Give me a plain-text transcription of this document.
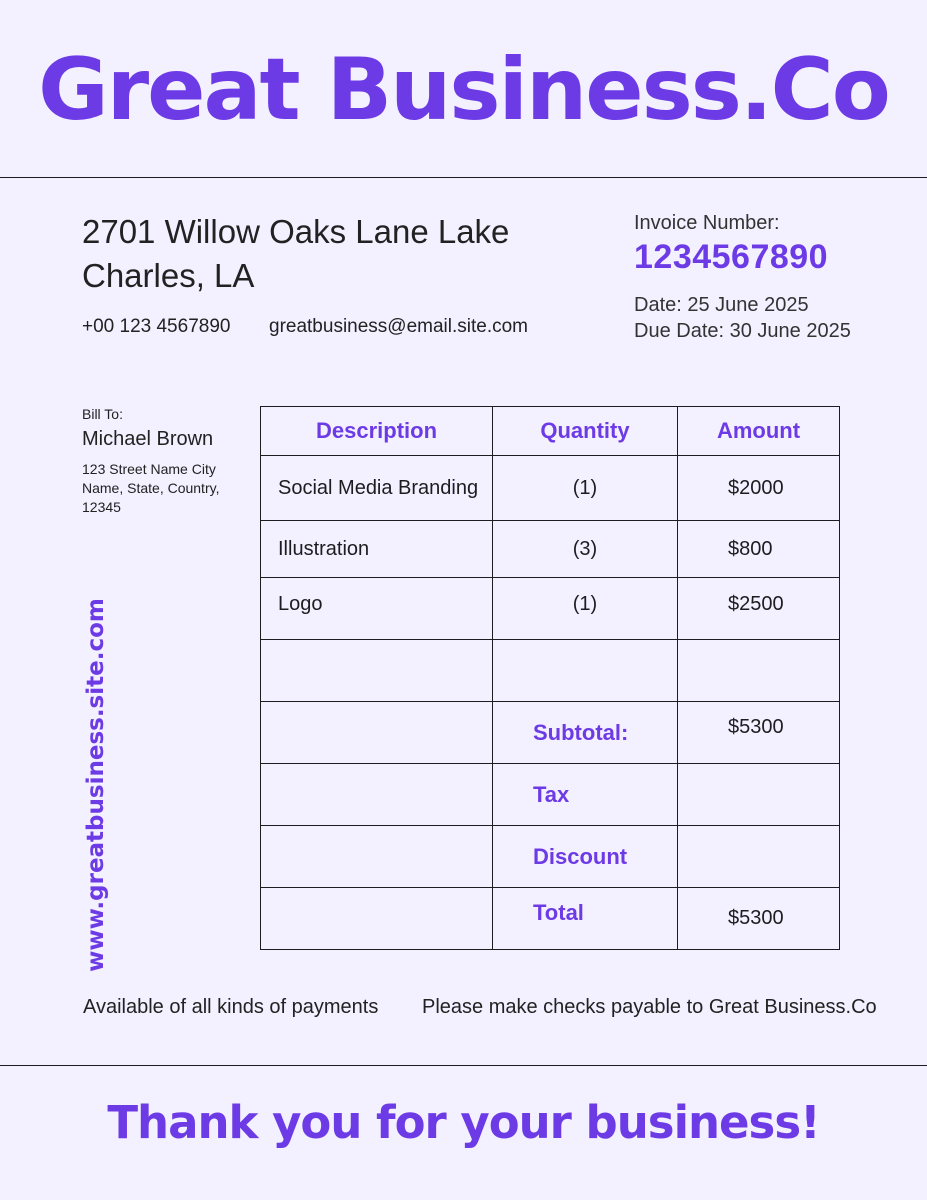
Great Business.Co
2701 Willow Oaks Lane Lake Charles, LA
+00 123 4567890 greatbusiness@email.site.com
Invoice Number:
1234567890
Date: 25 June 2025
Due Date: 30 June 2025
Bill To:
Michael Brown
123 Street Name City Name, State, Country, 12345
www.greatbusiness.site.com
Description	Quantity	Amount
Social Media Branding	(1)	$2000
Illustration	(3)	$800
Logo	(1)	$2500

	Subtotal:	$5300
	Tax	
	Discount	
	Total	$5300
Available of all kinds of payments Please make checks payable to Great Business.Co
Thank you for your business!
